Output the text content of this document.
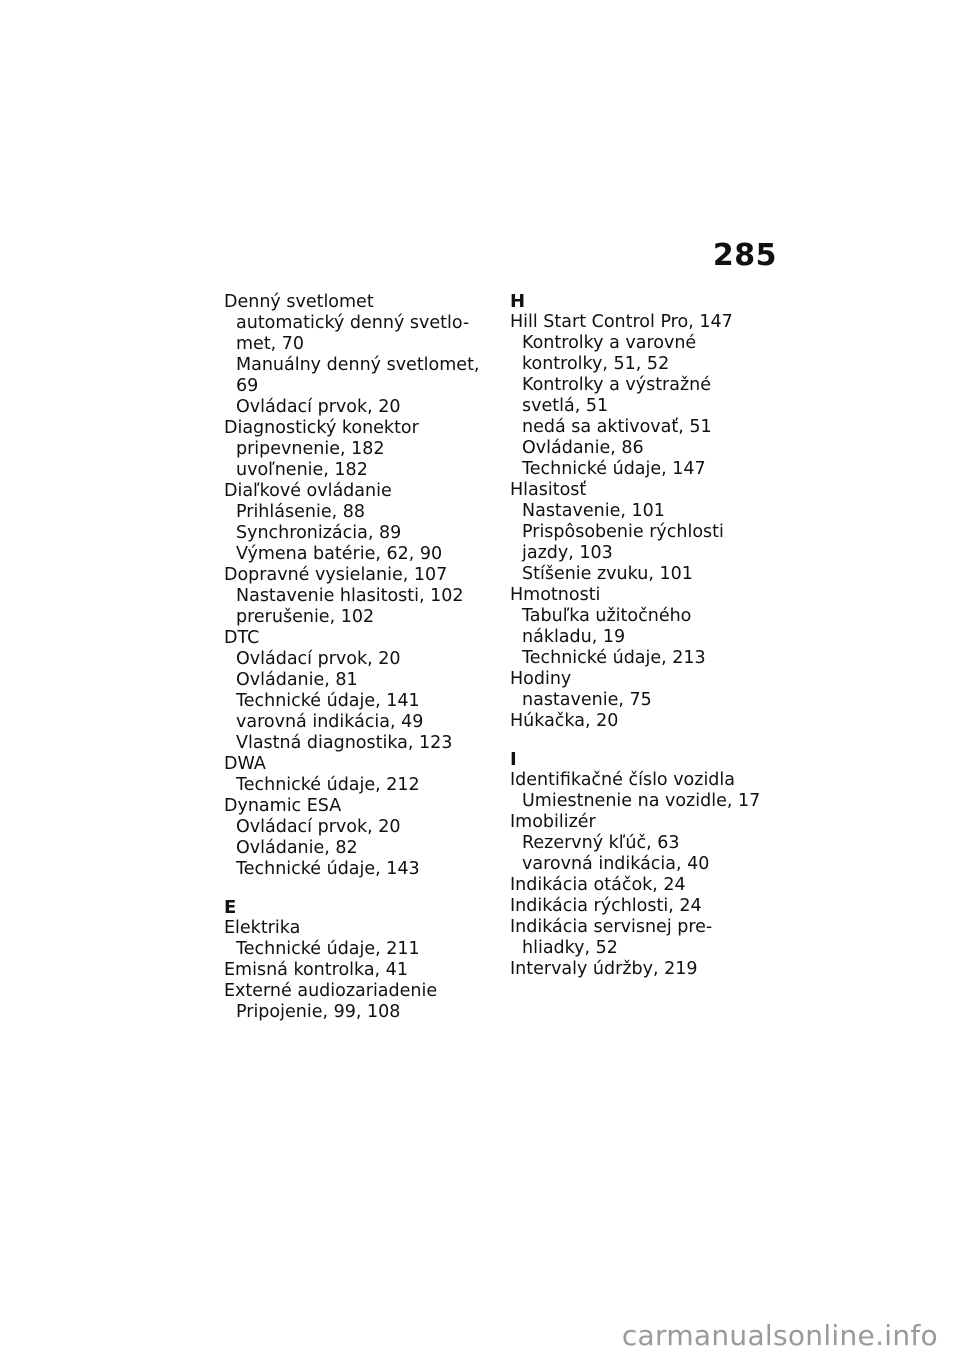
285
Denný svetlomet
automatický denný svetlo-
met, 70
Manuálny denný svetlomet, 69
Ovládací prvok, 20
Diagnostický konektor
pripevnenie, 182
uvoľnenie, 182
Diaľkové ovládanie
Prihlásenie, 88
Synchronizácia, 89
Výmena batérie, 62, 90
Dopravné vysielanie, 107
Nastavenie hlasitosti, 102
prerušenie, 102
DTC
Ovládací prvok, 20
Ovládanie, 81
Technické údaje, 141
varovná indikácia, 49
Vlastná diagnostika, 123
DWA
Technické údaje, 212
Dynamic ESA
Ovládací prvok, 20
Ovládanie, 82
Technické údaje, 143
E
Elektrika
Technické údaje, 211
Emisná kontrolka, 41
Externé audiozariadenie
Pripojenie, 99, 108
H
Hill Start Control Pro, 147
Kontrolky a varovné
kontrolky, 51, 52
Kontrolky a výstražné
svetlá, 51
nedá sa aktivovať, 51
Ovládanie, 86
Technické údaje, 147
Hlasitosť
Nastavenie, 101
Prispôsobenie rýchlosti
jazdy, 103
Stíšenie zvuku, 101
Hmotnosti
Tabuľka užitočného
nákladu, 19
Technické údaje, 213
Hodiny
nastavenie, 75
Húkačka, 20
I
Identifikačné číslo vozidla
Umiestnenie na vozidle, 17
Imobilizér
Rezervný kľúč, 63
varovná indikácia, 40
Indikácia otáčok, 24
Indikácia rýchlosti, 24
Indikácia servisnej pre-
hliadky, 52
Intervaly údržby, 219
carmanualsonline.info
